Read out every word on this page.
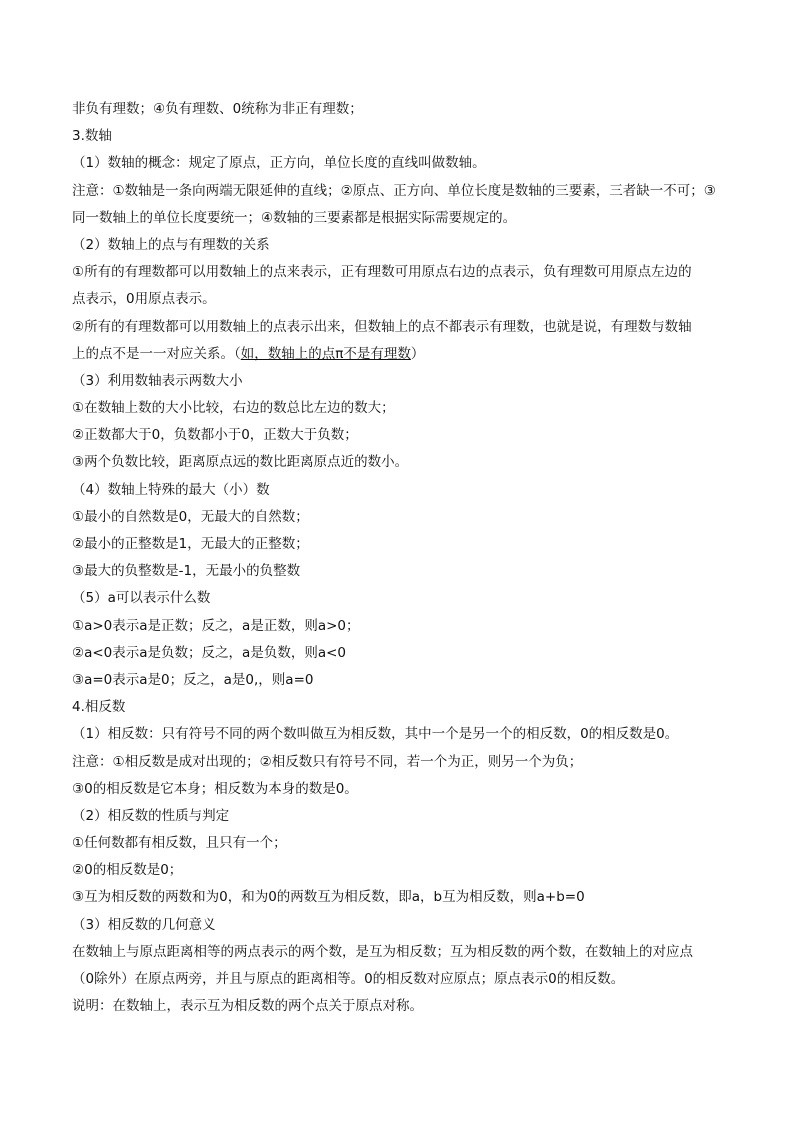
非负有理数；④负有理数、0统称为非正有理数；
3.数轴
（1）数轴的概念：规定了原点，正方向，单位长度的直线叫做数轴。
注意：①数轴是一条向两端无限延伸的直线；②原点、正方向、单位长度是数轴的三要素，三者缺一不可；③
同一数轴上的单位长度要统一；④数轴的三要素都是根据实际需要规定的。
（2）数轴上的点与有理数的关系
①所有的有理数都可以用数轴上的点来表示，正有理数可用原点右边的点表示，负有理数可用原点左边的
点表示，0用原点表示。
②所有的有理数都可以用数轴上的点表示出来，但数轴上的点不都表示有理数，也就是说，有理数与数轴
上的点不是一一对应关系。（如，数轴上的点π不是有理数）
（3）利用数轴表示两数大小
①在数轴上数的大小比较，右边的数总比左边的数大；
②正数都大于0，负数都小于0，正数大于负数；
③两个负数比较，距离原点远的数比距离原点近的数小。
（4）数轴上特殊的最大（小）数
①最小的自然数是0，无最大的自然数；
②最小的正整数是1，无最大的正整数；
③最大的负整数是-1，无最小的负整数
（5）a可以表示什么数
①a>0表示a是正数；反之，a是正数，则a>0；
②a<0表示a是负数；反之，a是负数，则a<0
③a=0表示a是0；反之，a是0,，则a=0
4.相反数
（1）相反数：只有符号不同的两个数叫做互为相反数，其中一个是另一个的相反数，0的相反数是0。
注意：①相反数是成对出现的；②相反数只有符号不同，若一个为正，则另一个为负；
③0的相反数是它本身；相反数为本身的数是0。
（2）相反数的性质与判定
①任何数都有相反数，且只有一个；
②0的相反数是0；
③互为相反数的两数和为0，和为0的两数互为相反数，即a，b互为相反数，则a+b=0
（3）相反数的几何意义
在数轴上与原点距离相等的两点表示的两个数，是互为相反数；互为相反数的两个数，在数轴上的对应点
（0除外）在原点两旁，并且与原点的距离相等。0的相反数对应原点；原点表示0的相反数。
说明：在数轴上，表示互为相反数的两个点关于原点对称。
